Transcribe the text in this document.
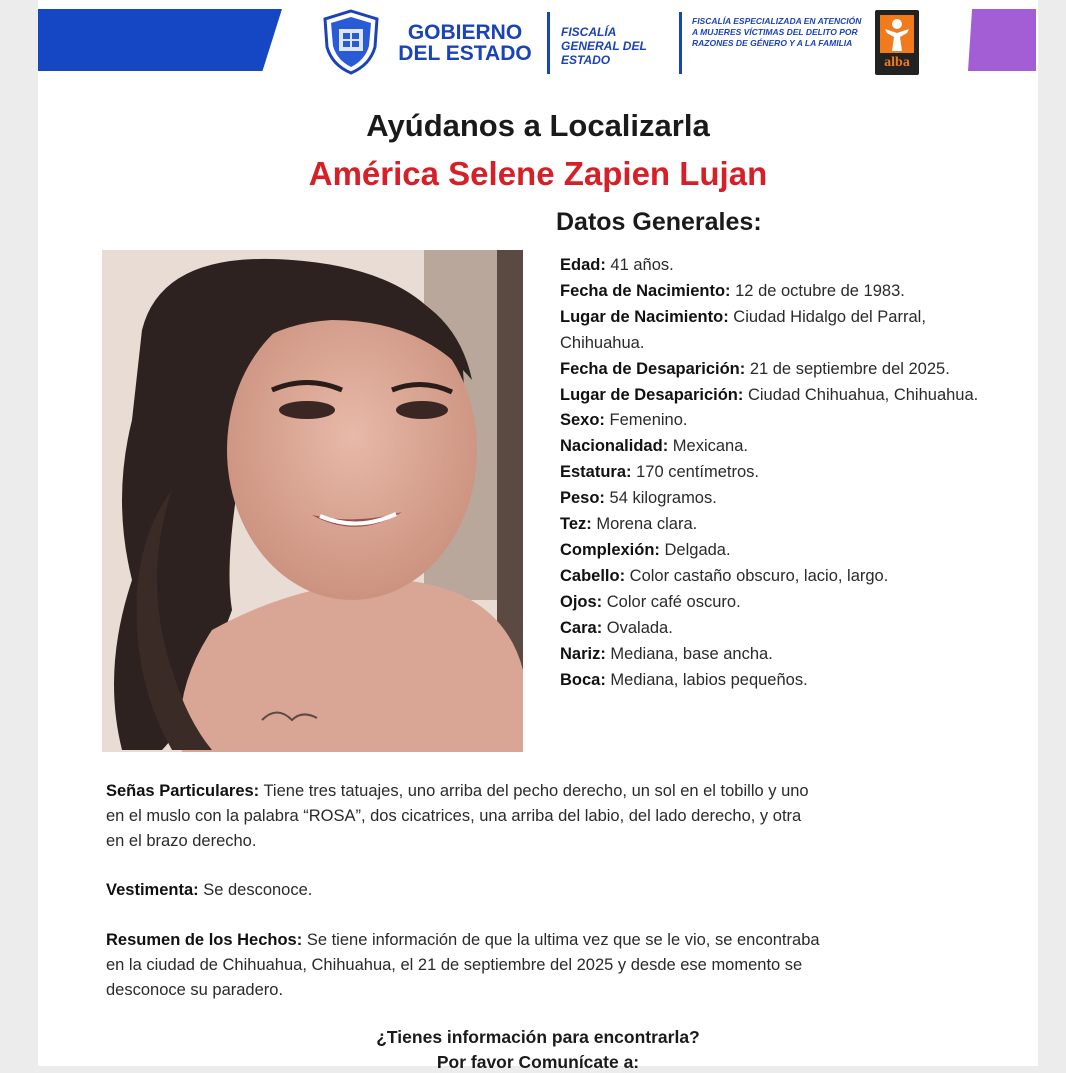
GOBIERNO
DEL ESTADO
FISCALÍA GENERAL DEL ESTADO
FISCALÍA ESPECIALIZADA EN ATENCIÓN A MUJERES VÍCTIMAS DEL DELITO POR RAZONES DE GÉNERO Y A LA FAMILIA
alba
Ayúdanos a Localizarla
América Selene Zapien Lujan
Datos Generales:

Edad: 41 años.

Fecha de Nacimiento: 12 de octubre de 1983.

Lugar de Nacimiento: Ciudad Hidalgo del Parral, Chihuahua.

Fecha de Desaparición: 21 de septiembre del 2025.

Lugar de Desaparición: Ciudad Chihuahua, Chihuahua.

Sexo: Femenino.

Nacionalidad: Mexicana.

Estatura: 170 centímetros.

Peso: 54 kilogramos.

Tez: Morena clara.

Complexión: Delgada.

Cabello: Color castaño obscuro, lacio, largo.

Ojos: Color café oscuro.

Cara: Ovalada.

Nariz: Mediana, base ancha.

Boca: Mediana, labios pequeños.

Señas Particulares: Tiene tres tatuajes, uno arriba del pecho derecho, un sol en el tobillo y uno

en el muslo con la palabra “ROSA”, dos cicatrices, una arriba del labio, del lado derecho, y otra

en el brazo derecho.

Vestimenta: Se desconoce.

Resumen de los Hechos: Se tiene información de que la ultima vez que se le vio, se encontraba

en la ciudad de Chihuahua, Chihuahua, el 21 de septiembre del 2025 y desde ese momento se

desconoce su paradero.

¿Tienes información para encontrarla?
Por favor Comunícate a:
